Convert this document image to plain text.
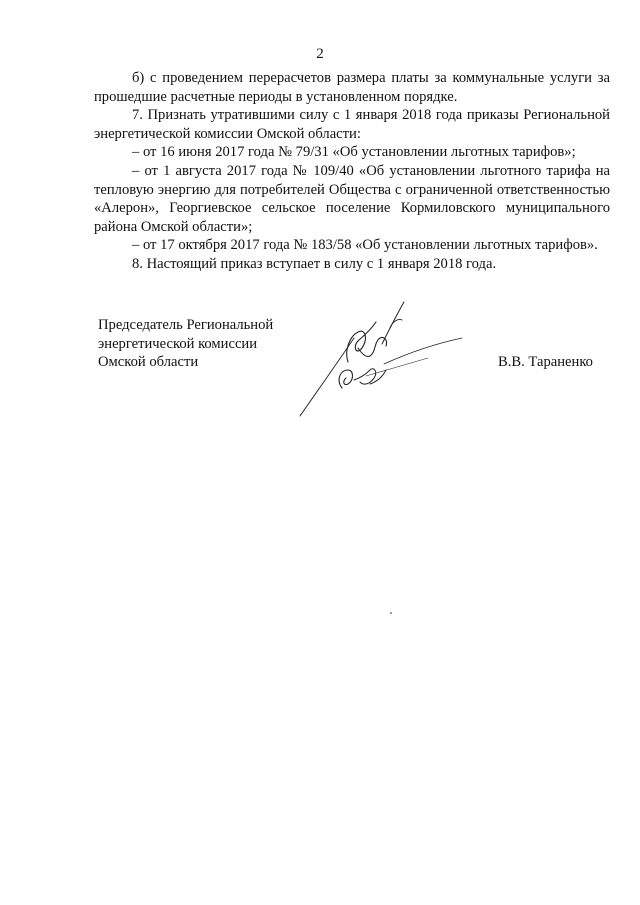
2

б) с проведением перерасчетов размера платы за коммунальные услуги за прошедшие расчетные периоды в установленном порядке.

7. Признать утратившими силу с 1 января 2018 года приказы Региональной энергетической комиссии Омской области:

– от 16 июня 2017 года № 79/31 «Об установлении льготных тарифов»;

– от 1 августа 2017 года № 109/40 «Об установлении льготного тарифа на тепловую энергию для потребителей Общества с ограниченной ответственностью «Алерон», Георгиевское сельское поселение Кормиловского муниципального района Омской области»;

– от 17 октября 2017 года № 183/58 «Об установлении льготных тарифов».

8. Настоящий приказ вступает в силу с 1 января 2018 года.

Председатель Региональной
энергетической комиссии
Омской области	В.В. Тараненко
